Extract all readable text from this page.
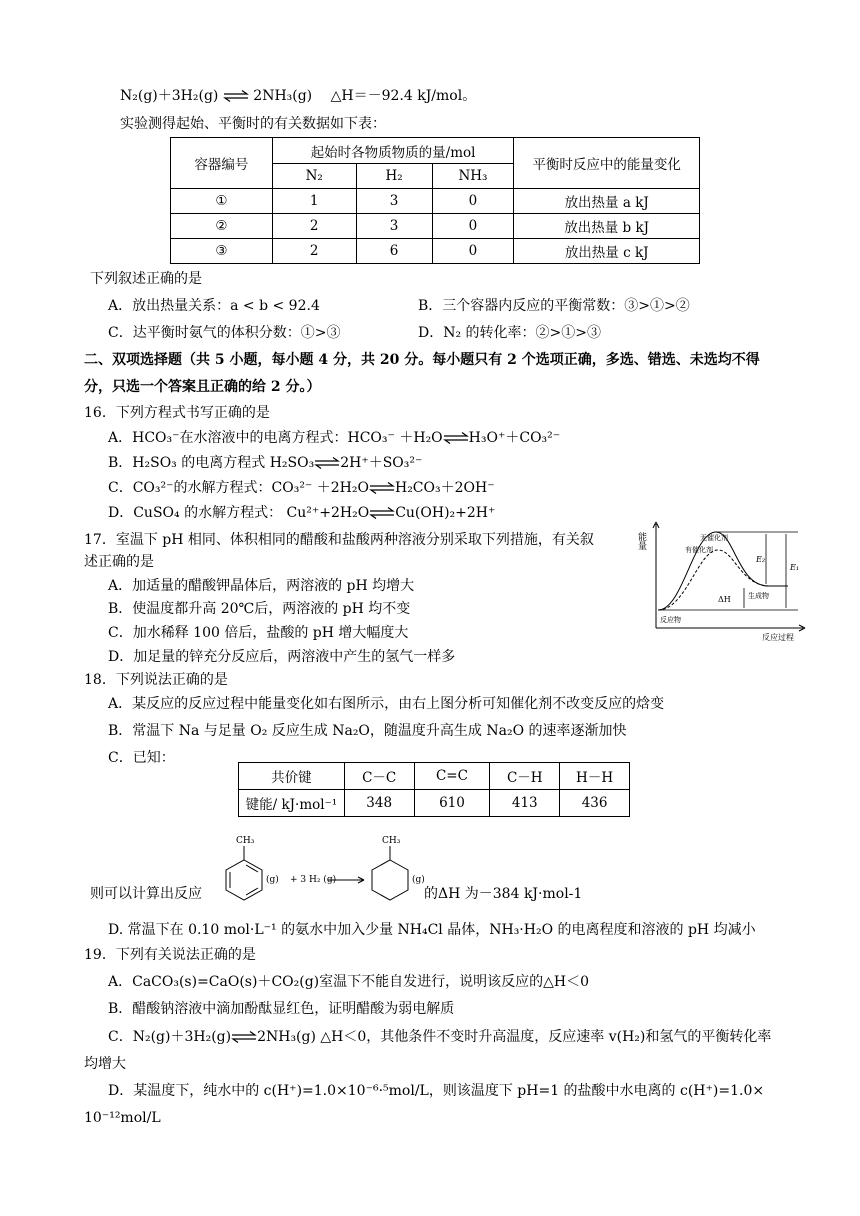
N₂(g)＋3H₂(g) ⇌ 2NH₃(g) △H＝－92.4 kJ/mol。
实验测得起始、平衡时的有关数据如下表：
容器编号	起始时各物质物质的量/mol			平衡时反应中的能量变化
	N₂	H₂	NH₃	
①	1	3	0	放出热量 a kJ
②	2	3	0	放出热量 b kJ
③	2	6	0	放出热量 c kJ
下列叙述正确的是
A．放出热量关系：a < b < 92.4	B．三个容器内反应的平衡常数：③>①>②
C．达平衡时氨气的体积分数：①>③	D．N₂ 的转化率：②>①>③
二、双项选择题（共 5 小题，每小题 4 分，共 20 分。每小题只有 2 个选项正确，多选、错选、未选均不得
分，只选一个答案且正确的给 2 分。）
16．下列方程式书写正确的是
A．HCO₃⁻在水溶液中的电离方程式：HCO₃⁻ ＋H₂O⇌H₃O⁺＋CO₃²⁻
B．H₂SO₃ 的电离方程式 H₂SO₃⇌2H⁺＋SO₃²⁻
C．CO₃²⁻的水解方程式：CO₃²⁻ ＋2H₂O⇌H₂CO₃＋2OH⁻
D．CuSO₄ 的水解方程式： Cu²⁺+2H₂O⇌Cu(OH)₂+2H⁺
17．室温下 pH 相同、体积相同的醋酸和盐酸两种溶液分别采取下列措施，有关叙
述正确的是
A．加适量的醋酸钾晶体后，两溶液的 pH 均增大
B．使温度都升高 20℃后，两溶液的 pH 均不变
C．加水稀释 100 倍后，盐酸的 pH 增大幅度大
D．加足量的锌充分反应后，两溶液中产生的氢气一样多
能量
反应过程
无催化剂
有催化剂
E₂
E₁
ΔH 生成物
反应物
18．下列说法正确的是
A．某反应的反应过程中能量变化如右图所示，由右上图分析可知催化剂不改变反应的焓变
B．常温下 Na 与足量 O₂ 反应生成 Na₂O，随温度升高生成 Na₂O 的速率逐渐加快
C．已知：
共价键	C－C	C=C	C－H	H－H
键能/ kJ·mol⁻¹	348	610	413	436
CH₃
(g) + 3 H₂ (g)
CH₃
(g)
则可以计算出反应	的ΔH 为－384 kJ·mol-1
D. 常温下在 0.10 mol·L⁻¹ 的氨水中加入少量 NH₄Cl 晶体，NH₃·H₂O 的电离程度和溶液的 pH 均减小
19．下列有关说法正确的是
A．CaCO₃(s)=CaO(s)＋CO₂(g)室温下不能自发进行，说明该反应的△H＜0
B．醋酸钠溶液中滴加酚酞显红色，证明醋酸为弱电解质
C．N₂(g)＋3H₂(g)⇌2NH₃(g) △H＜0，其他条件不变时升高温度，反应速率 v(H₂)和氢气的平衡转化率
均增大
D．某温度下，纯水中的 c(H⁺)=1.0×10⁻⁶·⁵mol/L，则该温度下 pH=1 的盐酸中水电离的 c(H⁺)=1.0×
10⁻¹²mol/L
